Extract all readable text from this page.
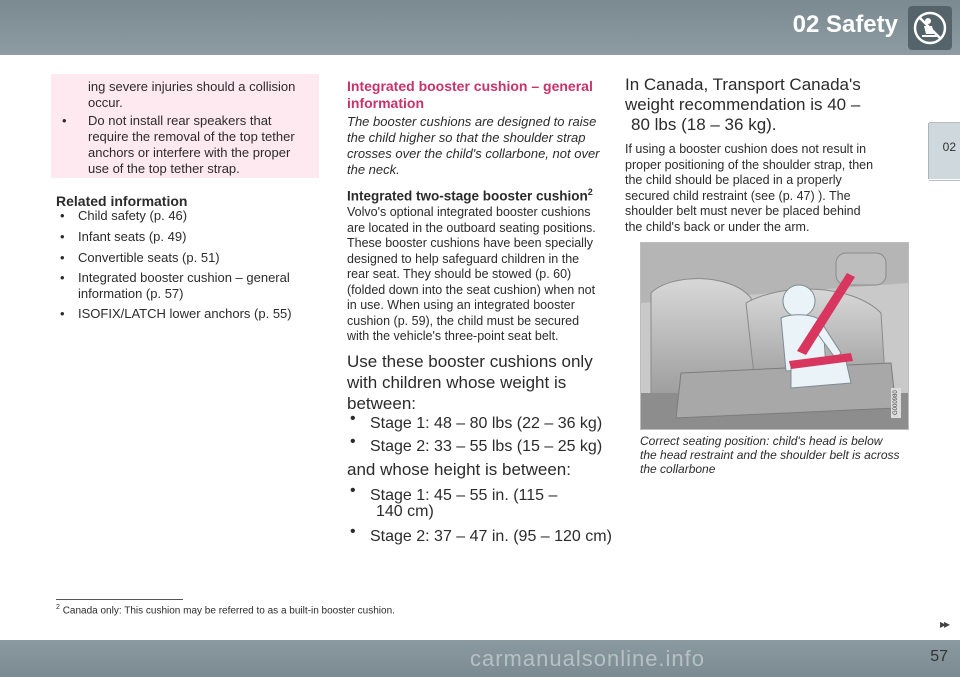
02 Safety
02
ing severe injuries should a collision
occur.
• Do not install rear speakers that
require the removal of the top tether
anchors or interfere with the proper
use of the top tether strap.
Related information
• Child safety (p. 46)
• Infant seats (p. 49)
• Convertible seats (p. 51)
• Integrated booster cushion – general
information (p. 57)
• ISOFIX/LATCH lower anchors (p. 55)
Integrated booster cushion – general
information
The booster cushions are designed to raise
the child higher so that the shoulder strap
crosses over the child's collarbone, not over
the neck.
Integrated two-stage booster cushion$^2$
Volvo's optional integrated booster cushions
are located in the outboard seating positions.
These booster cushions have been specially
designed to help safeguard children in the
rear seat. They should be stowed (p. 60)
(folded down into the seat cushion) when not
in use. When using an integrated booster
cushion (p. 59), the child must be secured
with the vehicle's three-point seat belt.
Use these booster cushions only
with children whose weight is
between:
• Stage 1: 48 – 80 lbs (22 – 36 kg)
• Stage 2: 33 – 55 lbs (15 – 25 kg)
and whose height is between:
• Stage 1: 45 – 55 in. (115 –
140 cm)
• Stage 2: 37 – 47 in. (95 – 120 cm)
In Canada, Transport Canada's
weight recommendation is 40 –
80 lbs (18 – 36 kg).
If using a booster cushion does not result in
proper positioning of the shoulder strap, then
the child should be placed in a properly
secured child restraint (see (p. 47) ). The
shoulder belt must never be placed behind
the child's back or under the arm.
G000980
Correct seating position: child's head is below
the head restraint and the shoulder belt is across
the collarbone
$^2$ Canada only: This cushion may be referred to as a built-in booster cushion.
▸▸
carmanualsonline.info	57
